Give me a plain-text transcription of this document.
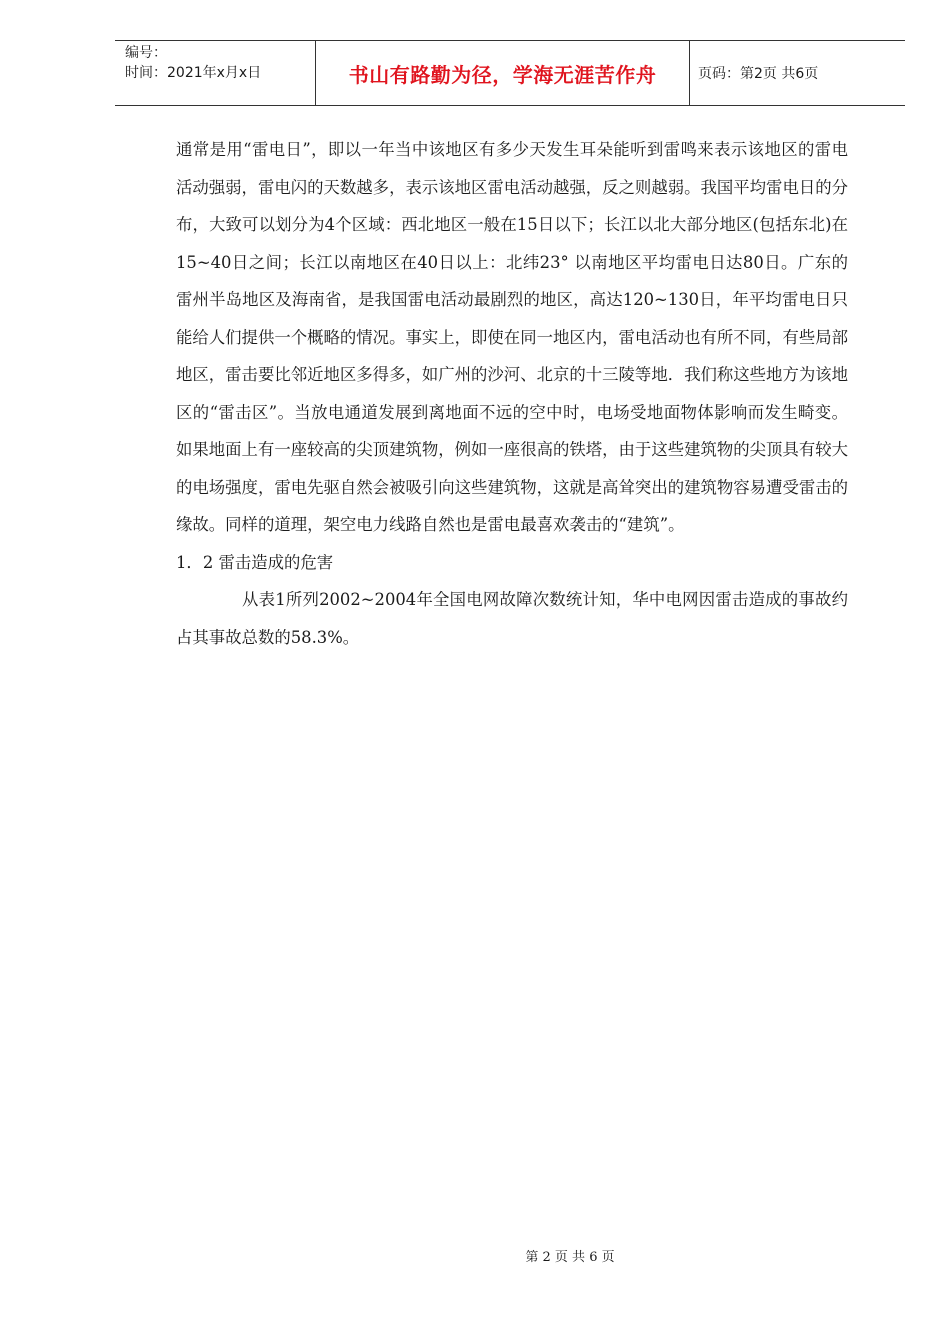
编号：
时间：2021年x月x日	书山有路勤为径，学海无涯苦作舟	页码：第2页 共6页

通常是用“雷电日”，即以一年当中该地区有多少天发生耳朵能听到雷鸣来表示该地区的雷电活动强弱，雷电闪的天数越多，表示该地区雷电活动越强，反之则越弱。我国平均雷电日的分布，大致可以划分为4个区域：西北地区一般在15日以下；长江以北大部分地区(包括东北)在15~40日之间；长江以南地区在40日以上：北纬23° 以南地区平均雷电日达80日。广东的雷州半岛地区及海南省，是我国雷电活动最剧烈的地区，高达120~130日，年平均雷电日只能给人们提供一个概略的情况。事实上，即使在同一地区内，雷电活动也有所不同，有些局部地区，雷击要比邻近地区多得多，如广州的沙河、北京的十三陵等地．我们称这些地方为该地区的“雷击区”。当放电通道发展到离地面不远的空中时，电场受地面物体影响而发生畸变。如果地面上有一座较高的尖顶建筑物，例如一座很高的铁塔，由于这些建筑物的尖顶具有较大的电场强度，雷电先驱自然会被吸引向这些建筑物，这就是高耸突出的建筑物容易遭受雷击的缘故。同样的道理，架空电力线路自然也是雷电最喜欢袭击的“建筑”。

1．2 雷击造成的危害

从表1所列2002~2004年全国电网故障次数统计知，华中电网因雷击造成的事故约占其事故总数的58.3%。

第 2 页 共 6 页
